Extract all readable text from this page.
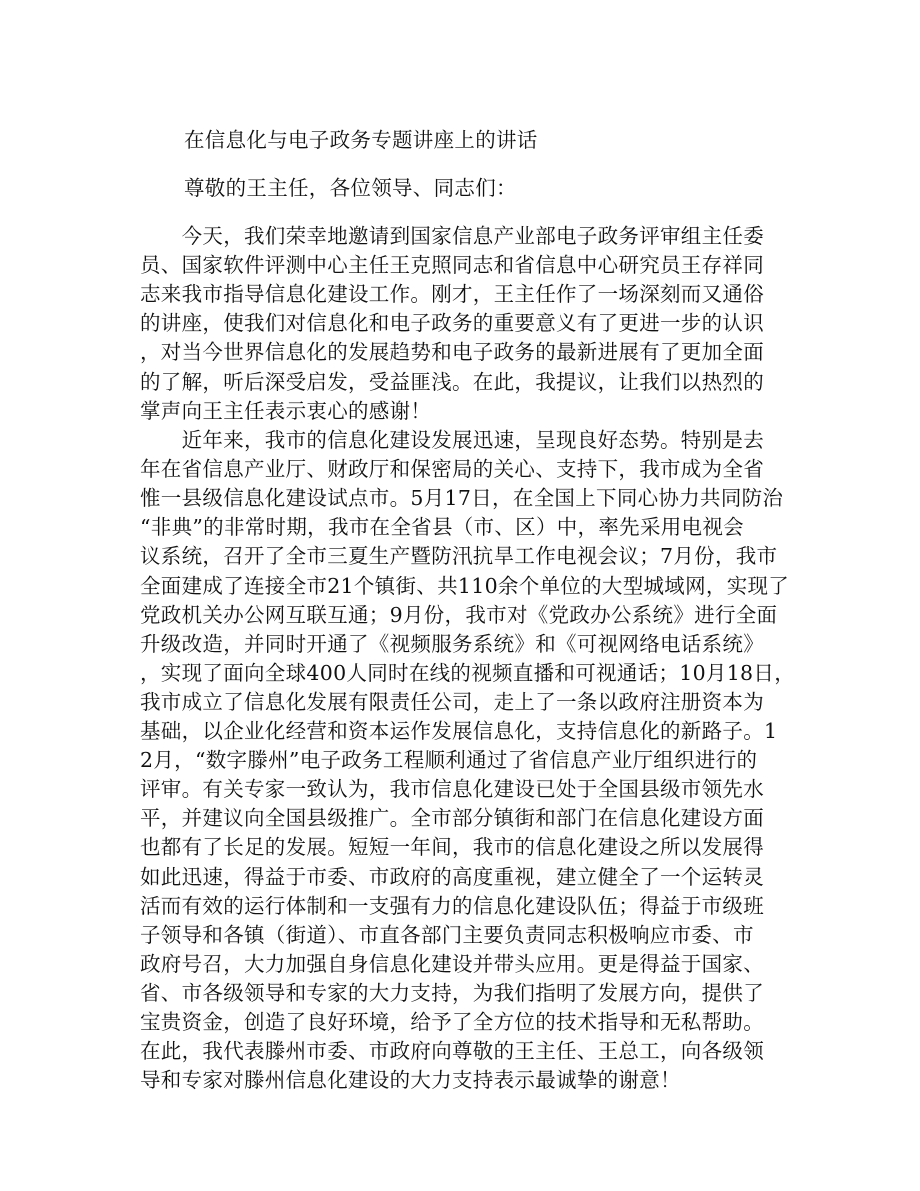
在信息化与电子政务专题讲座上的讲话
尊敬的王主任，各位领导、同志们：
　　今天，我们荣幸地邀请到国家信息产业部电子政务评审组主任委
员、国家软件评测中心主任王克照同志和省信息中心研究员王存祥同
志来我市指导信息化建设工作。刚才，王主任作了一场深刻而又通俗
的讲座，使我们对信息化和电子政务的重要意义有了更进一步的认识
，对当今世界信息化的发展趋势和电子政务的最新进展有了更加全面
的了解，听后深受启发，受益匪浅。在此，我提议，让我们以热烈的
掌声向王主任表示衷心的感谢！
　　近年来，我市的信息化建设发展迅速，呈现良好态势。特别是去
年在省信息产业厅、财政厅和保密局的关心、支持下，我市成为全省
惟一县级信息化建设试点市。5月17日，在全国上下同心协力共同防治
“非典”的非常时期，我市在全省县（市、区）中，率先采用电视会
议系统，召开了全市三夏生产暨防汛抗旱工作电视会议；7月份，我市
全面建成了连接全市21个镇街、共110余个单位的大型城域网，实现了
党政机关办公网互联互通；9月份，我市对《党政办公系统》进行全面
升级改造，并同时开通了《视频服务系统》和《可视网络电话系统》
，实现了面向全球400人同时在线的视频直播和可视通话；10月18日，
我市成立了信息化发展有限责任公司，走上了一条以政府注册资本为
基础，以企业化经营和资本运作发展信息化，支持信息化的新路子。1
2月，“数字滕州”电子政务工程顺利通过了省信息产业厅组织进行的
评审。有关专家一致认为，我市信息化建设已处于全国县级市领先水
平，并建议向全国县级推广。全市部分镇街和部门在信息化建设方面
也都有了长足的发展。短短一年间，我市的信息化建设之所以发展得
如此迅速，得益于市委、市政府的高度重视，建立健全了一个运转灵
活而有效的运行体制和一支强有力的信息化建设队伍；得益于市级班
子领导和各镇（街道）、市直各部门主要负责同志积极响应市委、市
政府号召，大力加强自身信息化建设并带头应用。更是得益于国家、
省、市各级领导和专家的大力支持，为我们指明了发展方向，提供了
宝贵资金，创造了良好环境，给予了全方位的技术指导和无私帮助。
在此，我代表滕州市委、市政府向尊敬的王主任、王总工，向各级领
导和专家对滕州信息化建设的大力支持表示最诚挚的谢意！
